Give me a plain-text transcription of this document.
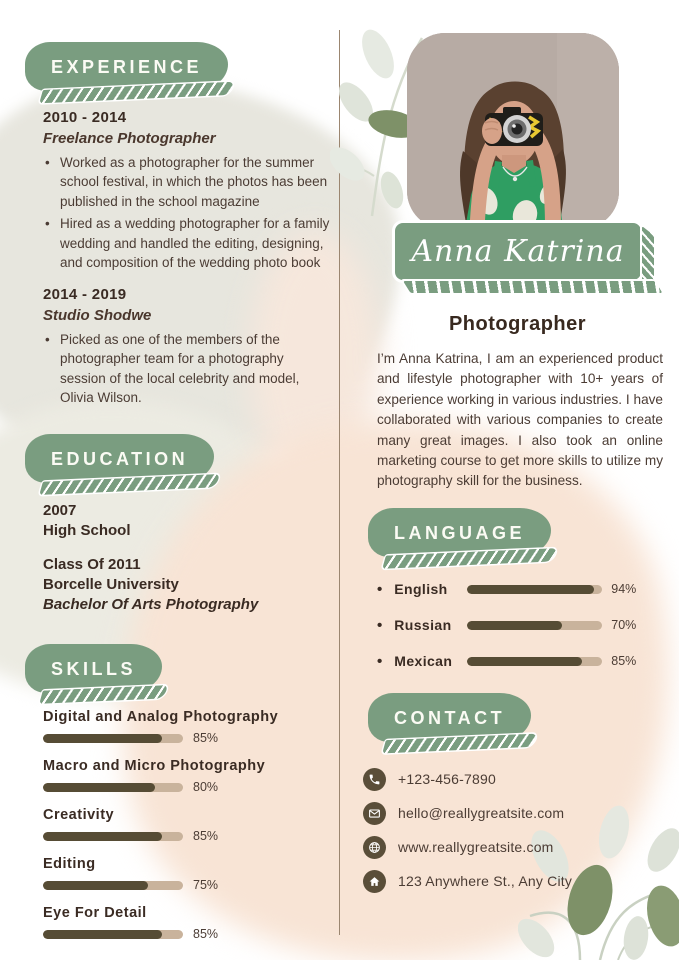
EXPERIENCE
2010 - 2014
Freelance Photographer
• Worked as a photographer for the summer school festival, in which the photos has been published in the school magazine
• Hired as a wedding photographer for a family wedding and handled the editing, designing, and composition of the wedding photo book
2014 - 2019
Studio Shodwe
• Picked as one of the members of the photographer team for a photography session of the local celebrity and model, Olivia Wilson.
EDUCATION
2007
High School
Class Of 2011
Borcelle University
Bachelor Of Arts Photography
SKILLS
Digital and Analog Photography
85%
Macro and Micro Photography
80%
Creativity
85%
Editing
75%
Eye For Detail
85%
Anna Katrina
Photographer

I’m Anna Katrina, I am an experienced product and lifestyle photographer with 10+ years of experience working in various industries. I have collaborated with various companies to create many great images. I also took an online marketing course to get more skills to utilize my photography skill for the business.

LANGUAGE
• English	94%
• Russian	70%
• Mexican	85%
CONTACT
+123-456-7890
hello@reallygreatsite.com
www.reallygreatsite.com
123 Anywhere St., Any City
